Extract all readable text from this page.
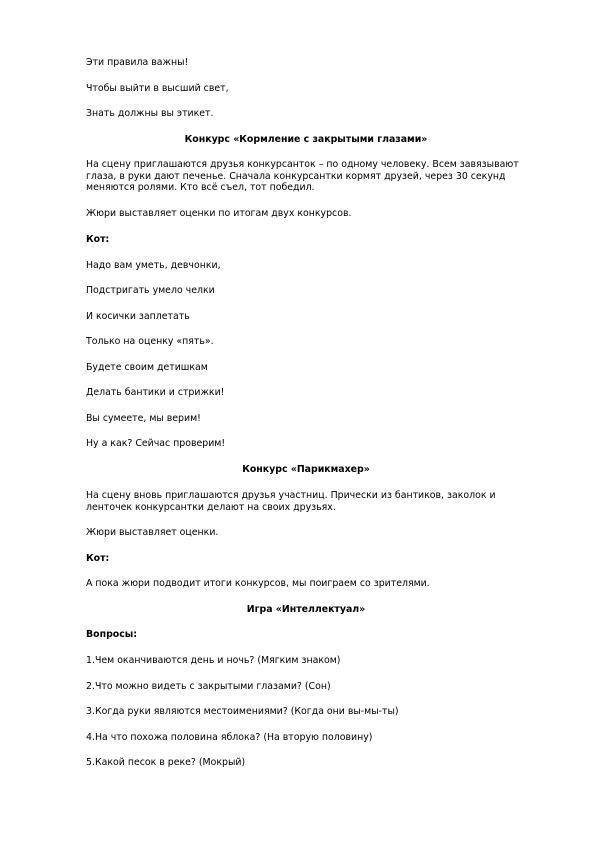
Эти правила важны!
Чтобы выйти в высший свет,
Знать должны вы этикет.
Конкурс «Кормление с закрытыми глазами»
На сцену приглашаются друзья конкурсанток – по одному человеку. Всем завязывают глаза, в руки дают печенье. Сначала конкурсантки кормят друзей, через 30 секунд меняются ролями. Кто всё съел, тот победил.
Жюри выставляет оценки по итогам двух конкурсов.
Кот:
Надо вам уметь, девчонки,
Подстригать умело челки
И косички заплетать
Только на оценку «пять».
Будете своим детишкам
Делать бантики и стрижки!
Вы сумеете, мы верим!
Ну а как? Сейчас проверим!
Конкурс «Парикмахер»
На сцену вновь приглашаются друзья участниц. Прически из бантиков, заколок и ленточек конкурсантки делают на своих друзьях.
Жюри выставляет оценки.
Кот:
А пока жюри подводит итоги конкурсов, мы поиграем со зрителями.
Игра «Интеллектуал»
Вопросы:
1.Чем оканчиваются день и ночь? (Мягким знаком)
2.Что можно видеть с закрытыми глазами? (Сон)
3.Когда руки являются местоимениями? (Когда они вы-мы-ты)
4.На что похожа половина яблока? (На вторую половину)
5.Какой песок в реке? (Мокрый)
